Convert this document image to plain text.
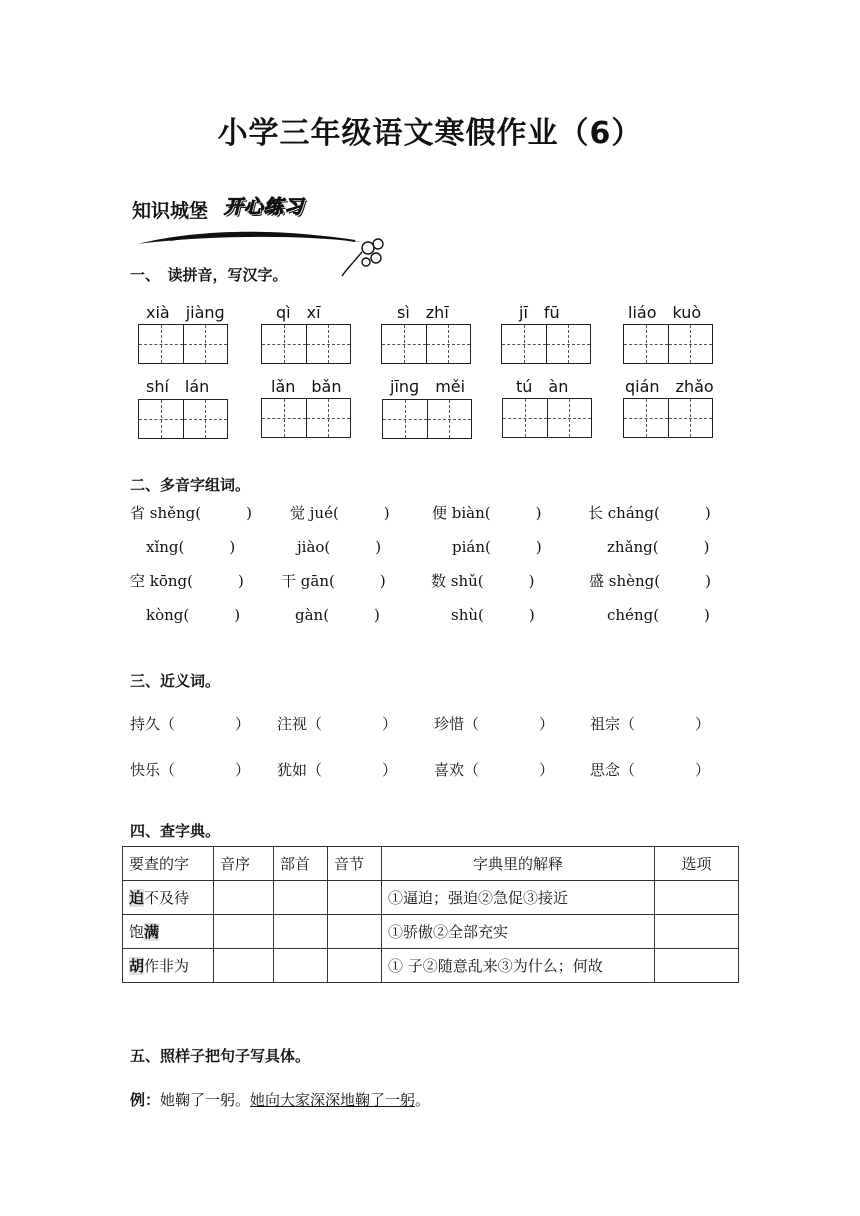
小学三年级语文寒假作业（6）
知识城堡 开心练习
一、　读拼音，写汉字。
xià　jiànɡ	qì　xī	sì　zhī	jī　fū	liáo　kuò
shí　lán	lǎn　bǎn	jīnɡ　měi	tú　àn	qián　zhǎo
二、多音字组词。
省 shěng(　　　)	觉 jué(　　　)	便 biàn(　　　)	长 cháng(　　　)
xǐng(　　　)	jiào(　　　)	pián(　　　)	zhǎng(　　　)
空 kōng(　　　) 干 gān(　　　)	数 shǔ(　　　)	盛 shèng(　　　)
kòng(　　　)	gàn(　　　)	shù(　　　)	chéng(　　　)
三、近义词。
持久（　　　　） 注视（　　　　） 珍惜（　　　　） 祖宗（　　　　）
快乐（　　　　） 犹如（　　　　） 喜欢（　　　　） 思念（　　　　）
四、查字典。
要查的字	音序	部首	音节	字典里的解释	选项
迫不及待				①逼迫；强迫②急促③接近	
饱满				①骄傲②全部充实	
胡作非为				① 子②随意乱来③为什么；何故	
五、照样子把句子写具体。
例：她鞠了一躬。她向大家深深地鞠了一躬。
